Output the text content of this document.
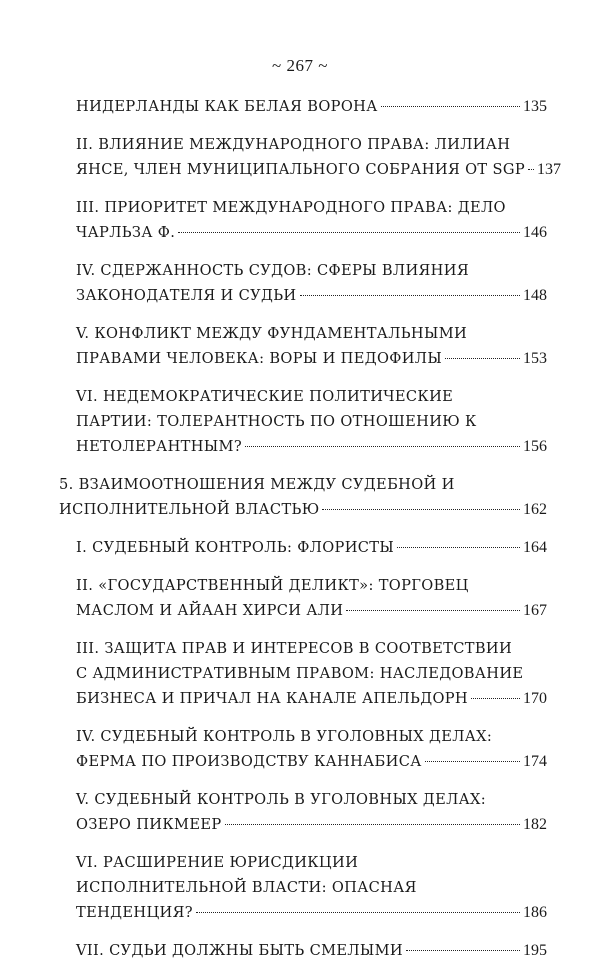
~ 267 ~
НИДЕРЛАНДЫ КАК БЕЛАЯ ВОРОНА	135
II. ВЛИЯНИЕ МЕЖДУНАРОДНОГО ПРАВА: ЛИЛИАН
ЯНСЕ, ЧЛЕН МУНИЦИПАЛЬНОГО СОБРАНИЯ ОТ SGP 137
III. ПРИОРИТЕТ МЕЖДУНАРОДНОГО ПРАВА: ДЕЛО
ЧАРЛЬЗА Ф.	146
IV. СДЕРЖАННОСТЬ СУДОВ: СФЕРЫ ВЛИЯНИЯ
ЗАКОНОДАТЕЛЯ И СУДЬИ	148
V. КОНФЛИКТ МЕЖДУ ФУНДАМЕНТАЛЬНЫМИ
ПРАВАМИ ЧЕЛОВЕКА: ВОРЫ И ПЕДОФИЛЫ	153
VI. НЕДЕМОКРАТИЧЕСКИЕ ПОЛИТИЧЕСКИЕ
ПАРТИИ: ТОЛЕРАНТНОСТЬ ПО ОТНОШЕНИЮ К
НЕТОЛЕРАНТНЫМ?	156
5. ВЗАИМООТНОШЕНИЯ МЕЖДУ СУДЕБНОЙ И
ИСПОЛНИТЕЛЬНОЙ ВЛАСТЬЮ	162
I. СУДЕБНЫЙ КОНТРОЛЬ: ФЛОРИСТЫ	164
II. «ГОСУДАРСТВЕННЫЙ ДЕЛИКТ»: ТОРГОВЕЦ
МАСЛОМ И АЙААН ХИРСИ АЛИ	167
III. ЗАЩИТА ПРАВ И ИНТЕРЕСОВ В СООТВЕТСТВИИ
С АДМИНИСТРАТИВНЫМ ПРАВОМ: НАСЛЕДОВАНИЕ
БИЗНЕСА И ПРИЧАЛ НА КАНАЛЕ АПЕЛЬДОРН	170
IV. СУДЕБНЫЙ КОНТРОЛЬ В УГОЛОВНЫХ ДЕЛАХ:
ФЕРМА ПО ПРОИЗВОДСТВУ КАННАБИСА	174
V. СУДЕБНЫЙ КОНТРОЛЬ В УГОЛОВНЫХ ДЕЛАХ:
ОЗЕРО ПИКМЕЕР	182
VI. РАСШИРЕНИЕ ЮРИСДИКЦИИ
ИСПОЛНИТЕЛЬНОЙ ВЛАСТИ: ОПАСНАЯ
ТЕНДЕНЦИЯ?	186
VII. СУДЬИ ДОЛЖНЫ БЫТЬ СМЕЛЫМИ	195
